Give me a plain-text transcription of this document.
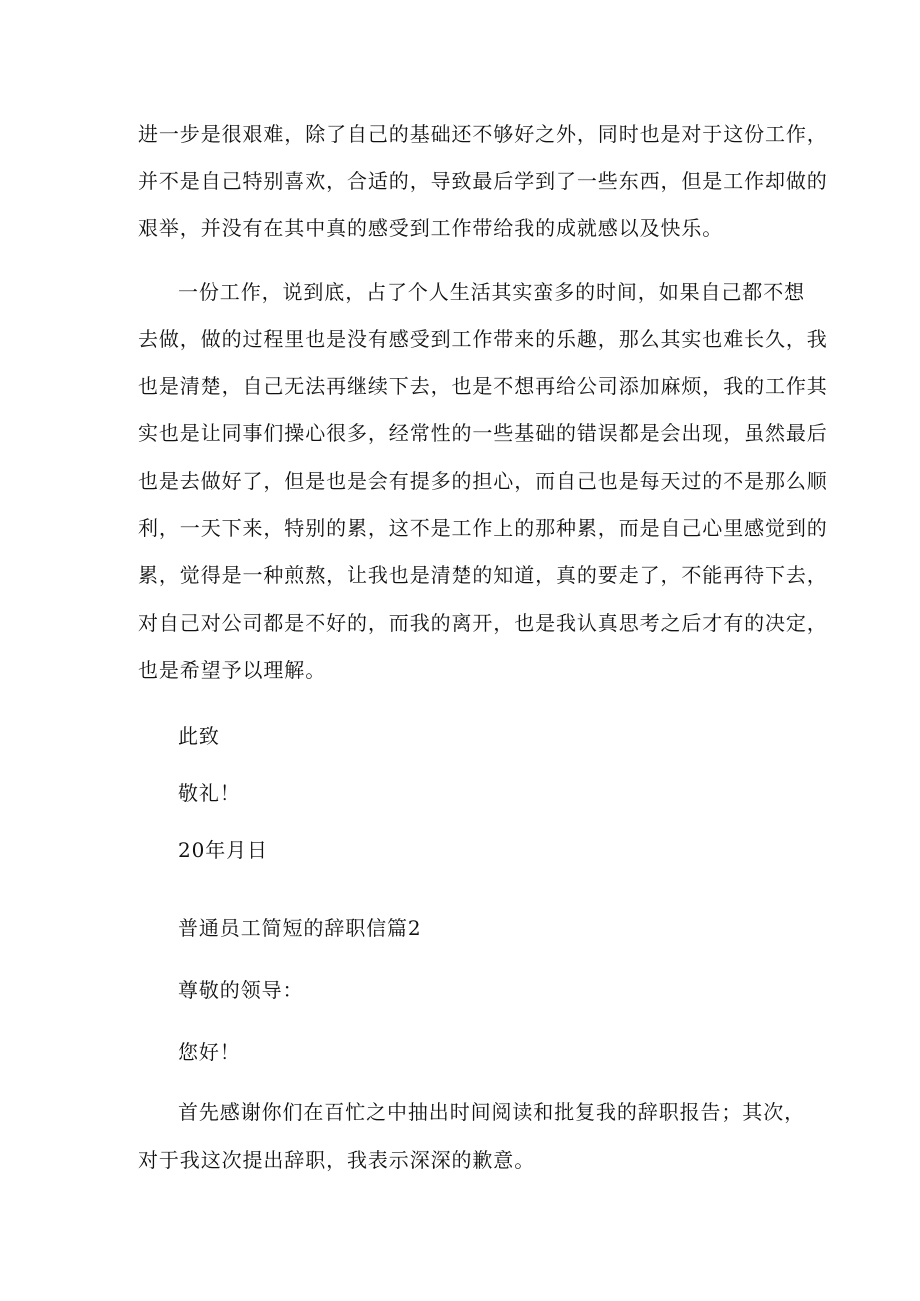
进一步是很艰难，除了自己的基础还不够好之外，同时也是对于这份工作，
并不是自己特别喜欢，合适的，导致最后学到了一些东西，但是工作却做的
艰举，并没有在其中真的感受到工作带给我的成就感以及快乐。
一份工作，说到底，占了个人生活其实蛮多的时间，如果自己都不想
去做，做的过程里也是没有感受到工作带来的乐趣，那么其实也难长久，我
也是清楚，自己无法再继续下去，也是不想再给公司添加麻烦，我的工作其
实也是让同事们操心很多，经常性的一些基础的错误都是会出现，虽然最后
也是去做好了，但是也是会有提多的担心，而自己也是每天过的不是那么顺
利，一天下来，特别的累，这不是工作上的那种累，而是自己心里感觉到的
累，觉得是一种煎熬，让我也是清楚的知道，真的要走了，不能再待下去，
对自己对公司都是不好的，而我的离开，也是我认真思考之后才有的决定，
也是希望予以理解。
此致
敬礼！
20年月日
普通员工简短的辞职信篇2
尊敬的领导：
您好！
首先感谢你们在百忙之中抽出时间阅读和批复我的辞职报告；其次，
对于我这次提出辞职，我表示深深的歉意。
